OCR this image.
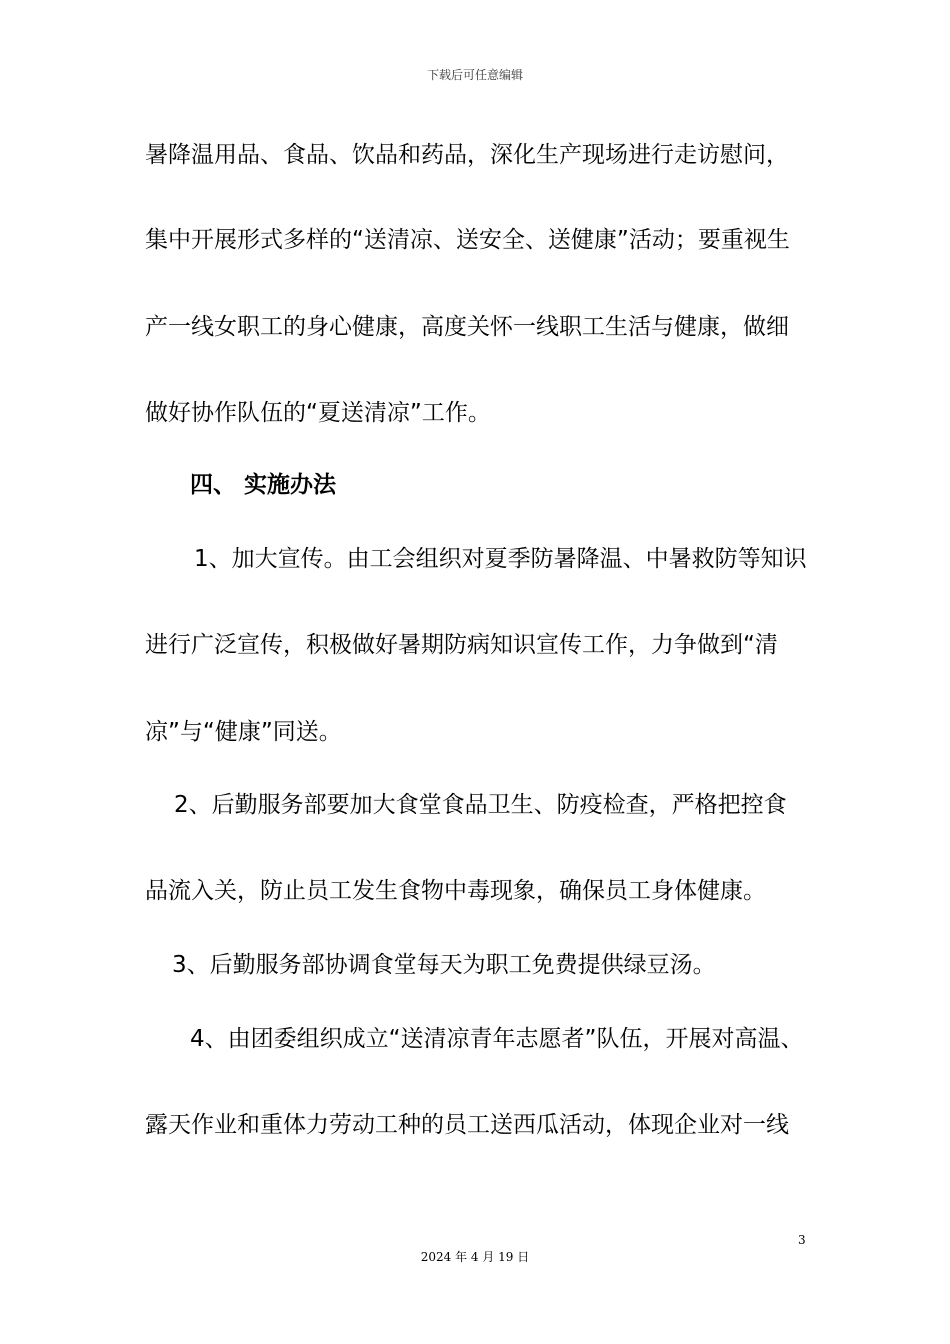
下载后可任意编辑
暑降温用品、食品、饮品和药品，深化生产现场进行走访慰问，
集中开展形式多样的“送清凉、送安全、送健康”活动；要重视生
产一线女职工的身心健康，高度关怀一线职工生活与健康，做细
做好协作队伍的“夏送清凉”工作。
四、 实施办法
1、加大宣传。由工会组织对夏季防暑降温、中暑救防等知识
进行广泛宣传，积极做好暑期防病知识宣传工作，力争做到“清
凉”与“健康”同送。
2、后勤服务部要加大食堂食品卫生、防疫检查，严格把控食
品流入关，防止员工发生食物中毒现象，确保员工身体健康。
3、后勤服务部协调食堂每天为职工免费提供绿豆汤。
4、由团委组织成立“送清凉青年志愿者”队伍，开展对高温、
露天作业和重体力劳动工种的员工送西瓜活动，体现企业对一线
3
2024 年 4 月 19 日
